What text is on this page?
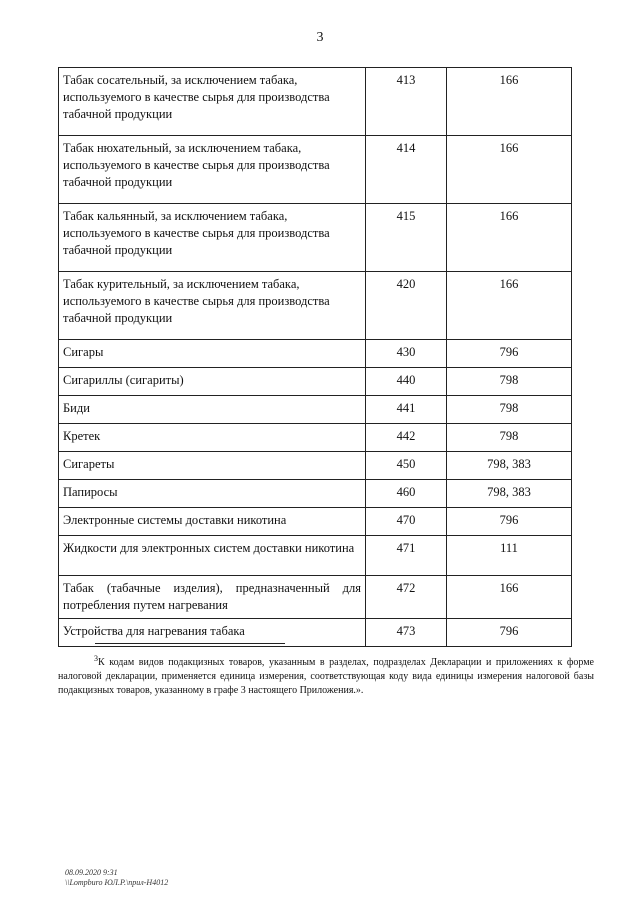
3
Табак сосательный, за исключением табака, используемого в качестве сырья для производства табачной продукции	413	166
Табак нюхательный, за исключением табака, используемого в качестве сырья для производства табачной продукции	414	166
Табак кальянный, за исключением табака, используемого в качестве сырья для производства табачной продукции	415	166
Табак курительный, за исключением табака, используемого в качестве сырья для производства табачной продукции	420	166
Сигары	430	796
Сигариллы (сигариты)	440	798
Биди	441	798
Кретек	442	798
Сигареты	450	798, 383
Папиросы	460	798, 383
Электронные системы доставки никотина	470	796
Жидкости для электронных систем доставки никотина	471	111
Табак (табачные изделия), предназначенный для потребления путем нагревания	472	166
Устройства для нагревания табака	473	796
$^3$К кодам видов подакцизных товаров, указанным в разделах, подразделах Декларации и приложениях к форме налоговой декларации, применяется единица измерения, соответствующая коду вида единицы измерения налоговой базы подакцизных товаров, указанному в графе 3 настоящего Приложения.».
08.09.2020 9:31
\\Lompburo ЮЛ.Р.\прил-Н4012
